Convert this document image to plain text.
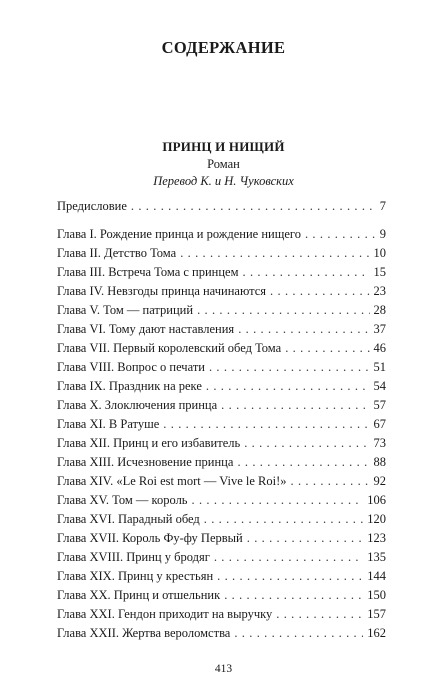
СОДЕРЖАНИЕ
ПРИНЦ И НИЩИЙ
Роман
Перевод К. и Н. Чуковских
Предисловие . . .	7
Глава I. Рождение принца и рождение нищего . . .	9
Глава II. Детство Тома . . .	10
Глава III. Встреча Тома с принцем . . .	15
Глава IV. Невзгоды принца начинаются . . .	23
Глава V. Том — патриций . . .	28
Глава VI. Тому дают наставления . . .	37
Глава VII. Первый королевский обед Тома . . .	46
Глава VIII. Вопрос о печати . . .	51
Глава IX. Праздник на реке . . .	54
Глава X. Злоключения принца . . .	57
Глава XI. В Ратуше . . .	67
Глава XII. Принц и его избавитель . . .	73
Глава XIII. Исчезновение принца . . .	88
Глава XIV. «Le Roi est mort — Vive le Roi!» . . .	92
Глава XV. Том — король . . .	106
Глава XVI. Парадный обед . . .	120
Глава XVII. Король Фу-фу Первый . . .	123
Глава XVIII. Принц у бродяг . . .	135
Глава XIX. Принц у крестьян . . .	144
Глава XX. Принц и отшельник . . .	150
Глава XXI. Гендон приходит на выручку . . .	157
Глава XXII. Жертва вероломства . . .	162
413
